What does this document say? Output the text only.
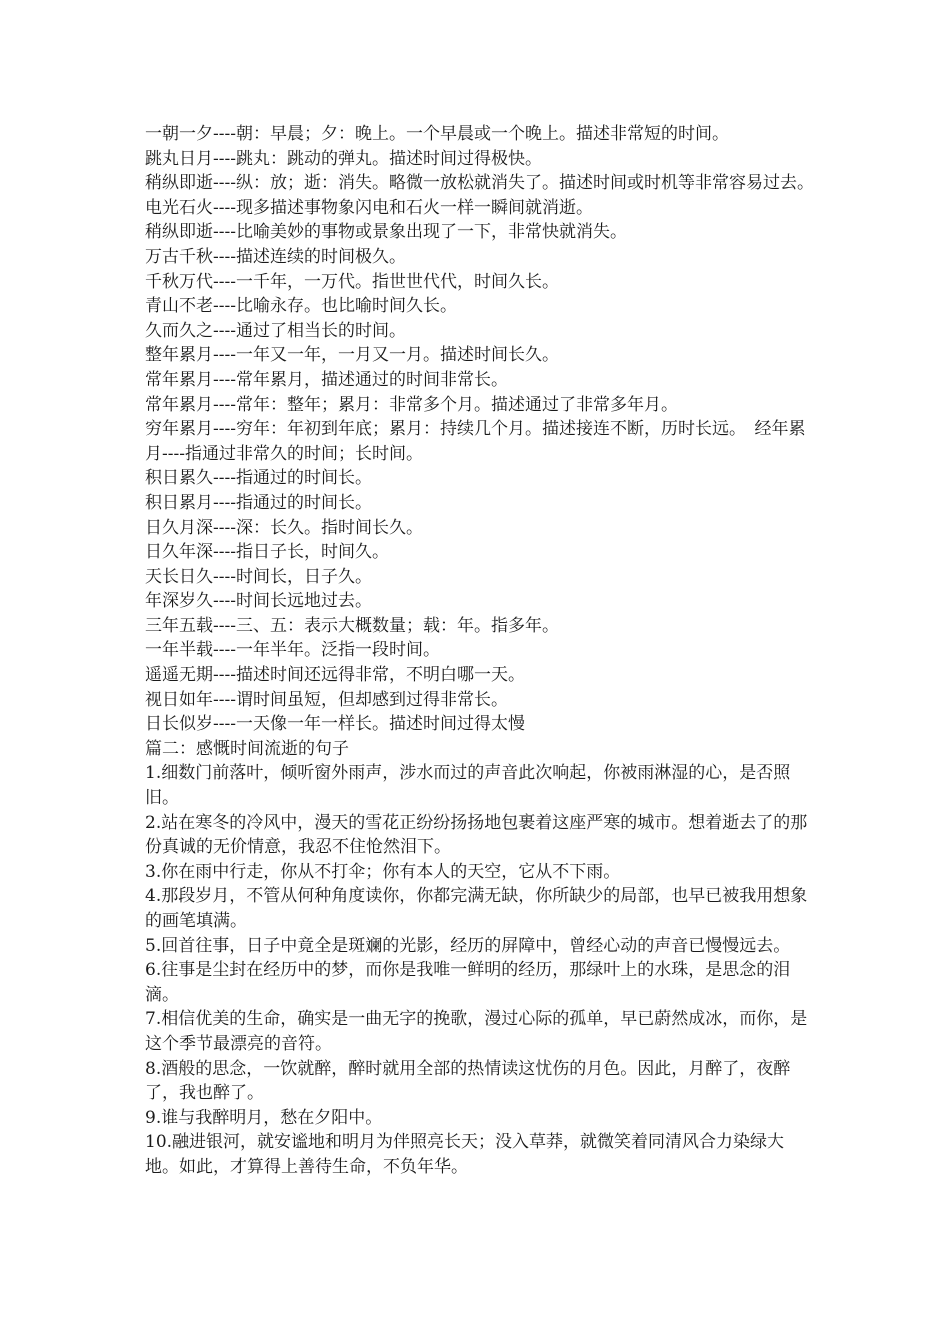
一朝一夕----朝：早晨；夕：晚上。一个早晨或一个晚上。描述非常短的时间。

跳丸日月----跳丸：跳动的弹丸。描述时间过得极快。

稍纵即逝----纵：放；逝：消失。略微一放松就消失了。描述时间或时机等非常容易过去。　电光石火----现多描述事物象闪电和石火一样一瞬间就消逝。

稍纵即逝----比喻美妙的事物或景象出现了一下，非常快就消失。

万古千秋----描述连续的时间极久。

千秋万代----一千年，一万代。指世世代代，时间久长。

青山不老----比喻永存。也比喻时间久长。

久而久之----通过了相当长的时间。

整年累月----一年又一年，一月又一月。描述时间长久。

常年累月----常年累月，描述通过的时间非常长。

常年累月----常年：整年；累月：非常多个月。描述通过了非常多年月。

穷年累月----穷年：年初到年底；累月：持续几个月。描述接连不断，历时长远。　经年累月----指通过非常久的时间；长时间。

积日累久----指通过的时间长。

积日累月----指通过的时间长。

日久月深----深：长久。指时间长久。

日久年深----指日子长，时间久。

天长日久----时间长，日子久。

年深岁久----时间长远地过去。

三年五载----三、五：表示大概数量；载：年。指多年。

一年半载----一年半年。泛指一段时间。

遥遥无期----描述时间还远得非常，不明白哪一天。

视日如年----谓时间虽短，但却感到过得非常长。

日长似岁----一天像一年一样长。描述时间过得太慢

篇二：感慨时间流逝的句子

1.细数门前落叶，倾听窗外雨声，涉水而过的声音此次响起，你被雨淋湿的心，是否照旧。

2.站在寒冬的冷风中，漫天的雪花正纷纷扬扬地包裹着这座严寒的城市。想着逝去了的那份真诚的无价情意，我忍不住怆然泪下。

3.你在雨中行走，你从不打伞；你有本人的天空，它从不下雨。

4.那段岁月，不管从何种角度读你，你都完满无缺，你所缺少的局部，也早已被我用想象的画笔填满。

5.回首往事，日子中竟全是斑斓的光影，经历的屏障中，曾经心动的声音已慢慢远去。

6.往事是尘封在经历中的梦，而你是我唯一鲜明的经历，那绿叶上的水珠，是思念的泪滴。

7.相信优美的生命，确实是一曲无字的挽歌，漫过心际的孤单，早已蔚然成冰，而你，是这个季节最漂亮的音符。

8.酒般的思念，一饮就醉，醉时就用全部的热情读这忧伤的月色。因此，月醉了，夜醉了，我也醉了。

9.谁与我醉明月，愁在夕阳中。

10.融进银河，就安谧地和明月为伴照亮长天；没入草莽，就微笑着同清风合力染绿大地。如此，才算得上善待生命，不负年华。
